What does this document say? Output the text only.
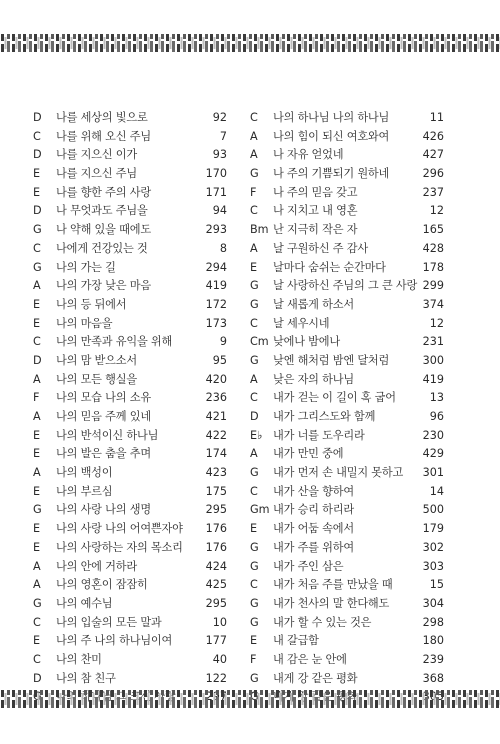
D 나를 세상의 빛으로	92
C 나를 위해 오신 주님	7
D 나를 지으신 이가	93
E 나를 지으신 주님	170
E 나를 향한 주의 사랑	171
D 나 무엇과도 주님을	94
G 나 약해 있을 때에도	293
C 나에게 건강있는 것	8
G 나의 가는 길	294
A 나의 가장 낮은 마음	419
E 나의 등 뒤에서	172
E 나의 마음을	173
C 나의 만족과 유익을 위해	9
D 나의 맘 받으소서	95
A 나의 모든 행실을	420
F 나의 모습 나의 소유	236
A 나의 믿음 주께 있네	421
E 나의 반석이신 하나님	422
E 나의 발은 춤을 추며	174
A 나의 백성이	423
E 나의 부르심	175
G 나의 사랑 나의 생명	295
E 나의 사랑 나의 어여쁜자야 176
E 나의 사랑하는 자의 목소리 176
A 나의 안에 거하라	424
A 나의 영혼이 잠잠히	425
G 나의 예수님	295
C 나의 입술의 모든 말과	10
E 나의 주 나의 하나님이여	177
C 나의 찬미	40
D 나의 참 친구	122
C 나의 하나님 나의 하나님	11
A 나의 힘이 되신 여호와여	426
A 나 자유 얻었네	427
G 나 주의 기쁨되기 원하네	296
F 나 주의 믿음 갖고	237
C 나 지치고 내 영혼	12
Bm 난 지극히 작은 자	165
A 날 구원하신 주 감사	428
E 날마다 숨쉬는 순간마다	178
G 날 사랑하신 주님의 그 큰 사랑 299
G 날 새롭게 하소서	374
C 날 세우시네	12
Cm 낮에나 밤에나	231
G 낮엔 해처럼 밤엔 달처럼	300
A 낮은 자의 하나님	419
C 내가 걷는 이 길이 혹 굽어	13
D 내가 그리스도와 함께	96
E♭ 내가 너를 도우리라	230
A 내가 만민 중에	429
G 내가 먼저 손 내밀지 못하고 301
C 내가 산을 향하여	14
Gm 내가 승리 하리라	500
E 내가 어둠 속에서	179
G 내가 주를 위하여	302
G 내가 주인 삼은	303
C 내가 처음 주를 만났을 때	15
G 내가 천사의 말 한다해도	304
G 내가 할 수 있는 것은	298
E 내 갈급함	180
F 내 감은 눈 안에	239
G 내게 강 같은 평화	368
